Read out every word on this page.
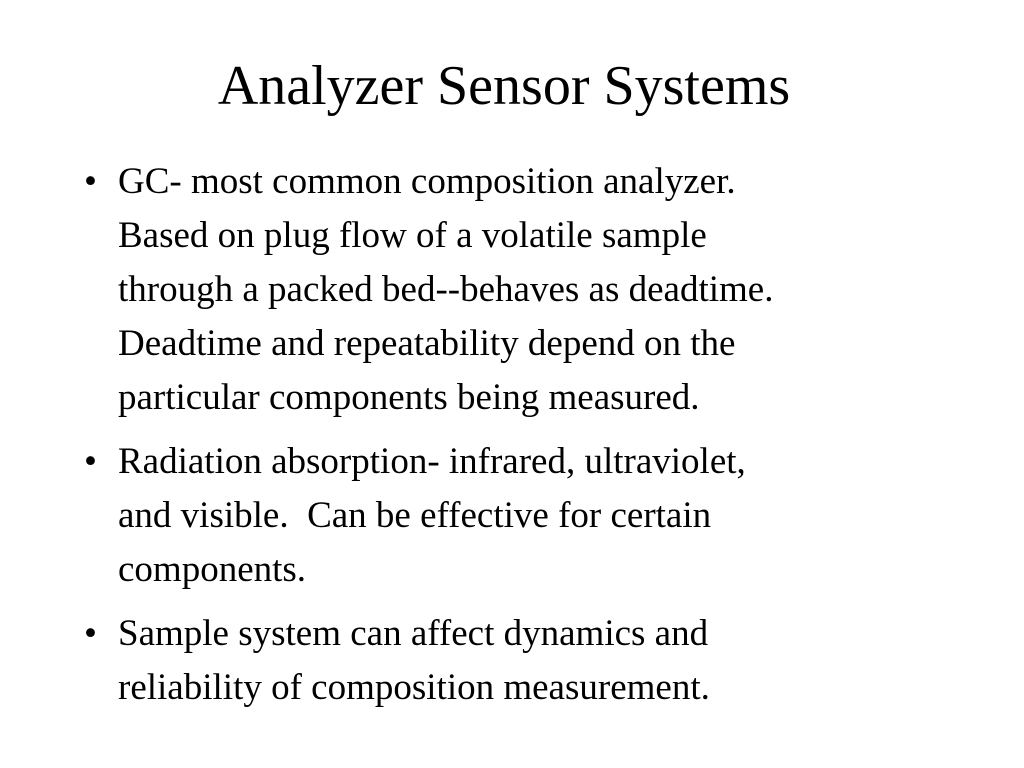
Analyzer Sensor Systems
• GC- most common composition analyzer.
Based on plug flow of a volatile sample
through a packed bed--behaves as deadtime.
Deadtime and repeatability depend on the
particular components being measured.
• Radiation absorption- infrared, ultraviolet,
and visible.  Can be effective for certain
components.
• Sample system can affect dynamics and
reliability of composition measurement.
